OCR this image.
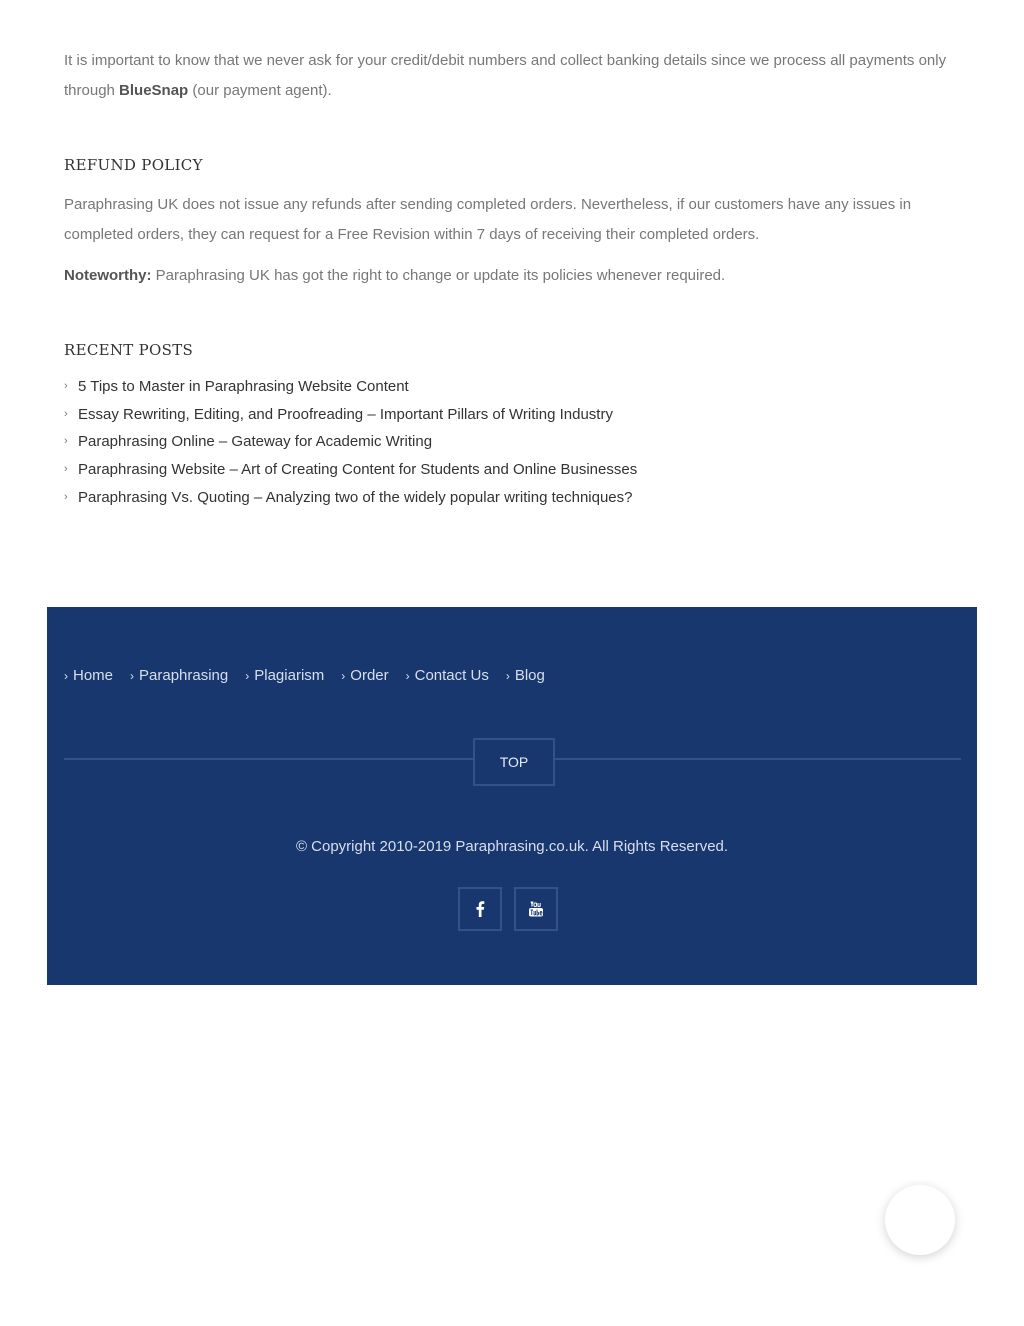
It is important to know that we never ask for your credit/debit numbers and collect banking details since we process all payments only through BlueSnap (our payment agent).

REFUND POLICY

Paraphrasing UK does not issue any refunds after sending completed orders. Nevertheless, if our customers have any issues in completed orders, they can request for a Free Revision within 7 days of receiving their completed orders.

Noteworthy: Paraphrasing UK has got the right to change or update its policies whenever required.

RECENT POSTS
› 5 Tips to Master in Paraphrasing Website Content
› Essay Rewriting, Editing, and Proofreading – Important Pillars of Writing Industry
› Paraphrasing Online – Gateway for Academic Writing
› Paraphrasing Website – Art of Creating Content for Students and Online Businesses
› Paraphrasing Vs. Quoting – Analyzing two of the widely popular writing techniques?
› Home › Paraphrasing › Plagiarism › Order › Contact Us › Blog
TOP
© Copyright 2010-2019 Paraphrasing.co.uk. All Rights Reserved.
